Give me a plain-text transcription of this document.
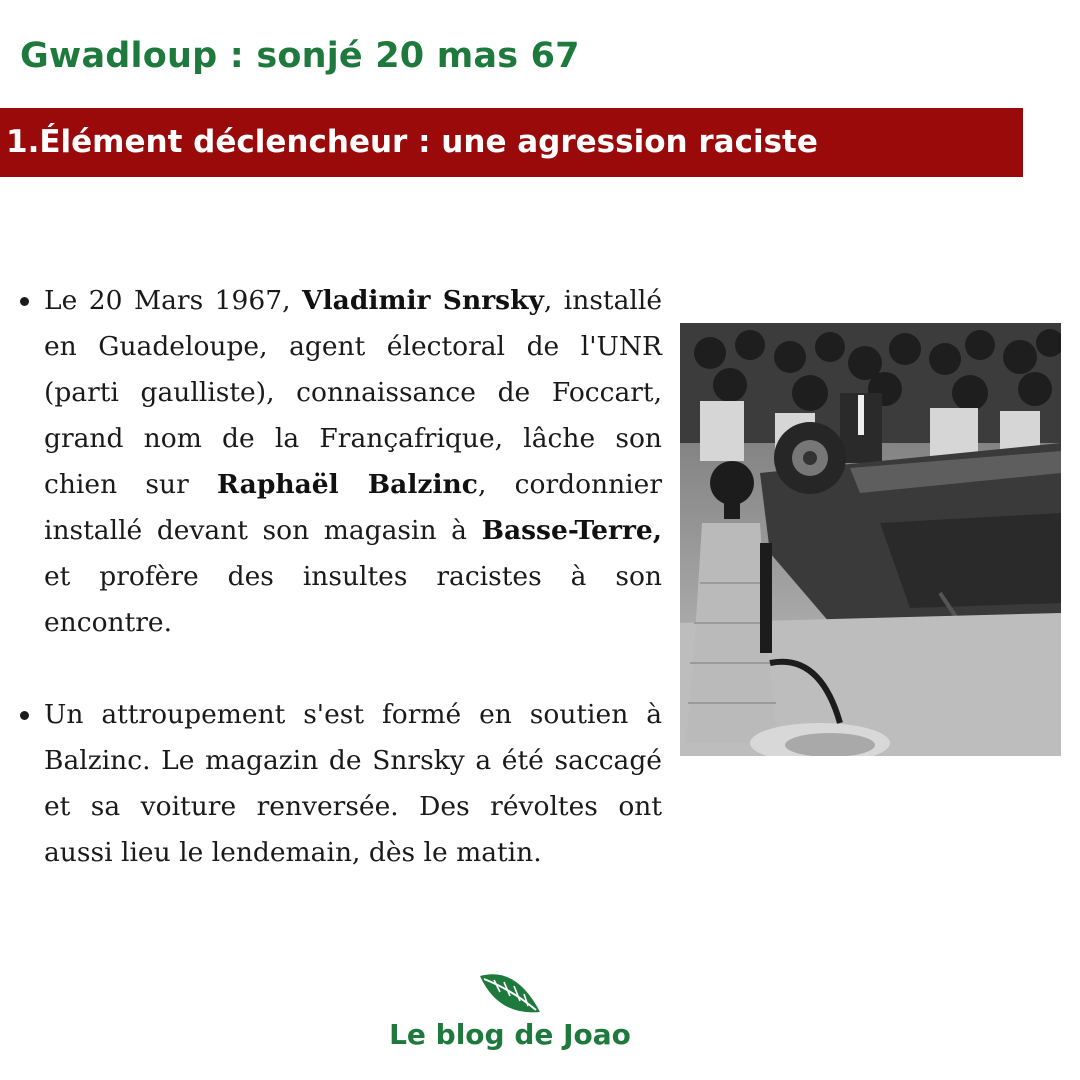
Gwadloup : sonjé 20 mas 67
1.Élément déclencheur : une agression raciste
Le 20 Mars 1967, Vladimir Snrsky, installé en Guadeloupe, agent électoral de l'UNR (parti gaulliste), connaissance de Foccart, grand nom de la Françafrique, lâche son chien sur Raphaël Balzinc, cordonnier installé devant son magasin à Basse-Terre, et profère des insultes racistes à son encontre.
Un attroupement s'est formé en soutien à Balzinc. Le magazin de Snrsky a été saccagé et sa voiture renversée. Des révoltes ont aussi lieu le lendemain, dès le matin.
Le blog de Joao
